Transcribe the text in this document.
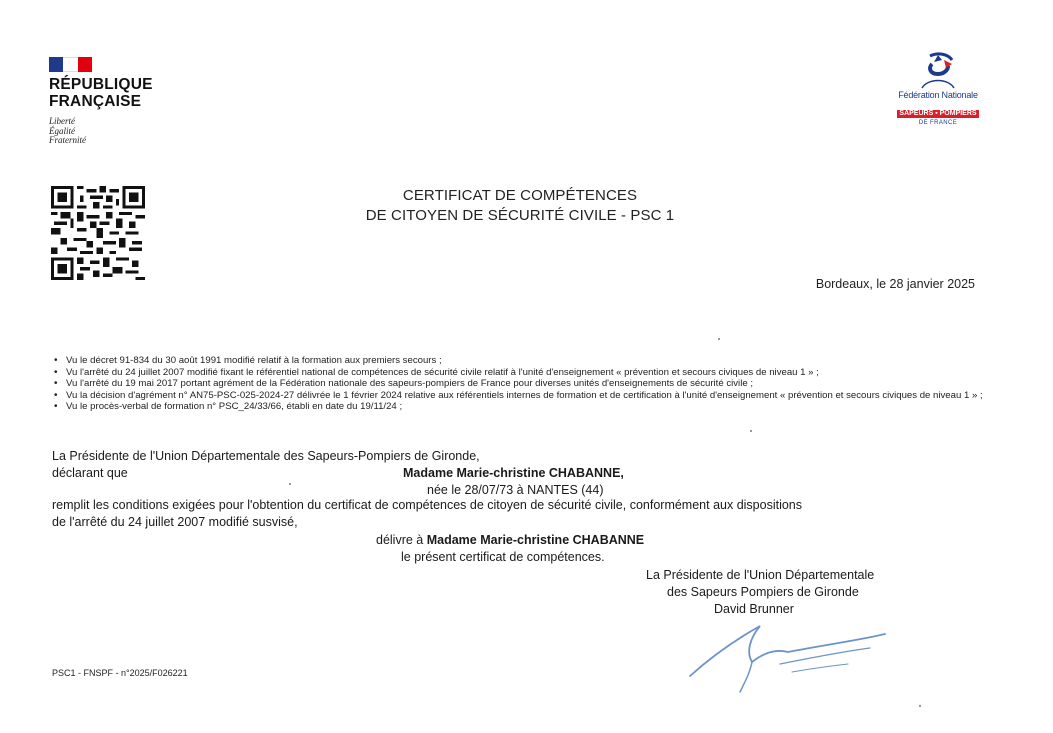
RÉPUBLIQUE
FRANÇAISE
Liberté
Égalité
Fraternité
Fédération Nationale
SAPEURS ▪ POMPIERS
DE FRANCE
CERTIFICAT DE COMPÉTENCES
DE CITOYEN DE SÉCURITÉ CIVILE - PSC 1
Bordeaux, le 28 janvier 2025
• Vu le décret 91-834 du 30 août 1991 modifié relatif à la formation aux premiers secours ;
• Vu l'arrêté du 24 juillet 2007 modifié fixant le référentiel national de compétences de sécurité civile relatif à l'unité d'enseignement « prévention et secours civiques de niveau 1 » ;
• Vu l'arrêté du 19 mai 2017 portant agrément de la Fédération nationale des sapeurs-pompiers de France pour diverses unités d'enseignements de sécurité civile ;
• Vu la décision d'agrément n° AN75-PSC-025-2024-27 délivrée le 1 février 2024 relative aux référentiels internes de formation et de certification à l'unité d'enseignement « prévention et secours civiques de niveau 1 » ;
• Vu le procès-verbal de formation n° PSC_24/33/66, établi en date du 19/11/24 ;
La Présidente de l'Union Départementale des Sapeurs-Pompiers de Gironde,
déclarant que	Madame Marie-christine CHABANNE,
née le 28/07/73 à NANTES (44)
remplit les conditions exigées pour l'obtention du certificat de compétences de citoyen de sécurité civile, conformément aux dispositions
de l'arrêté du 24 juillet 2007 modifié susvisé,
délivre à Madame Marie-christine CHABANNE
le présent certificat de compétences.
La Présidente de l'Union Départementale
des Sapeurs Pompiers de Gironde
David Brunner
PSC1 - FNSPF - n°2025/F026221
